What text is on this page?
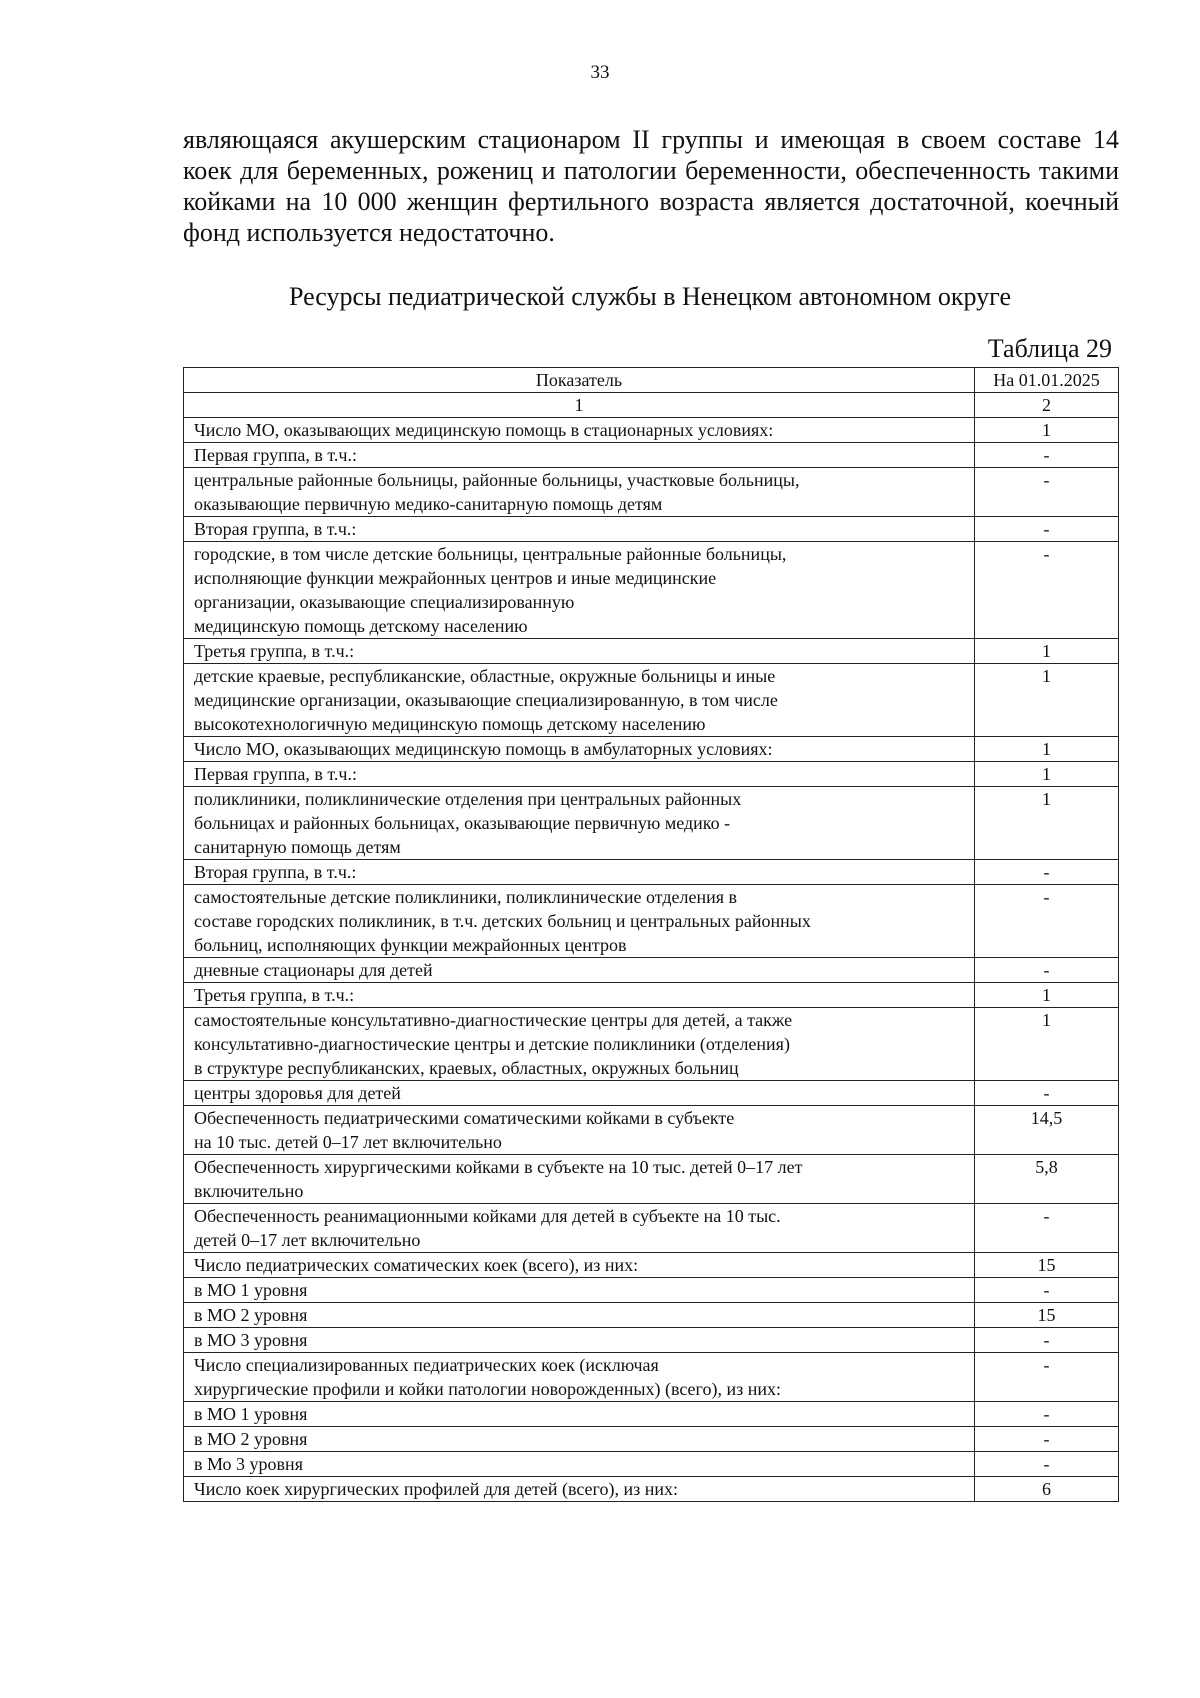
33

являющаяся акушерским стационаром II группы и имеющая в своем составе 14 коек для беременных, рожениц и патологии беременности, обеспеченность такими койками на 10 000 женщин фертильного возраста является достаточной, коечный фонд используется недостаточно.

Ресурсы педиатрической службы в Ненецком автономном округе
Таблица 29
Показатель	На 01.01.2025
1	2
Число МО, оказывающих медицинскую помощь в стационарных условиях:	1
Первая группа, в т.ч.:	-
центральные районные больницы, районные больницы, участковые больницы,
оказывающие первичную медико-санитарную помощь детям	-
Вторая группа, в т.ч.:	-
городские, в том числе детские больницы, центральные районные больницы,
исполняющие функции межрайонных центров и иные медицинские
организации, оказывающие специализированную
медицинскую помощь детскому населению	-
Третья группа, в т.ч.:	1
детские краевые, республиканские, областные, окружные больницы и иные
медицинские организации, оказывающие специализированную, в том числе
высокотехнологичную медицинскую помощь детскому населению	1
Число МО, оказывающих медицинскую помощь в амбулаторных условиях:	1
Первая группа, в т.ч.:	1
поликлиники, поликлинические отделения при центральных районных
больницах и районных больницах, оказывающие первичную медико -
санитарную помощь детям	1
Вторая группа, в т.ч.:	-
самостоятельные детские поликлиники, поликлинические отделения в
составе городских поликлиник, в т.ч. детских больниц и центральных районных
больниц, исполняющих функции межрайонных центров	-
дневные стационары для детей	-
Третья группа, в т.ч.:	1
самостоятельные консультативно-диагностические центры для детей, а также
консультативно-диагностические центры и детские поликлиники (отделения)
в структуре республиканских, краевых, областных, окружных больниц	1
центры здоровья для детей	-
Обеспеченность педиатрическими соматическими койками в субъекте
на 10 тыс. детей 0–17 лет включительно	14,5
Обеспеченность хирургическими койками в субъекте на 10 тыс. детей 0–17 лет
включительно	5,8
Обеспеченность реанимационными койками для детей в субъекте на 10 тыс.
детей 0–17 лет включительно	-
Число педиатрических соматических коек (всего), из них:	15
в МО 1 уровня	-
в МО 2 уровня	15
в МО 3 уровня	-
Число специализированных педиатрических коек (исключая
хирургические профили и койки патологии новорожденных) (всего), из них:	-
в МО 1 уровня	-
в МО 2 уровня	-
в Мо 3 уровня	-
Число коек хирургических профилей для детей (всего), из них:	6
